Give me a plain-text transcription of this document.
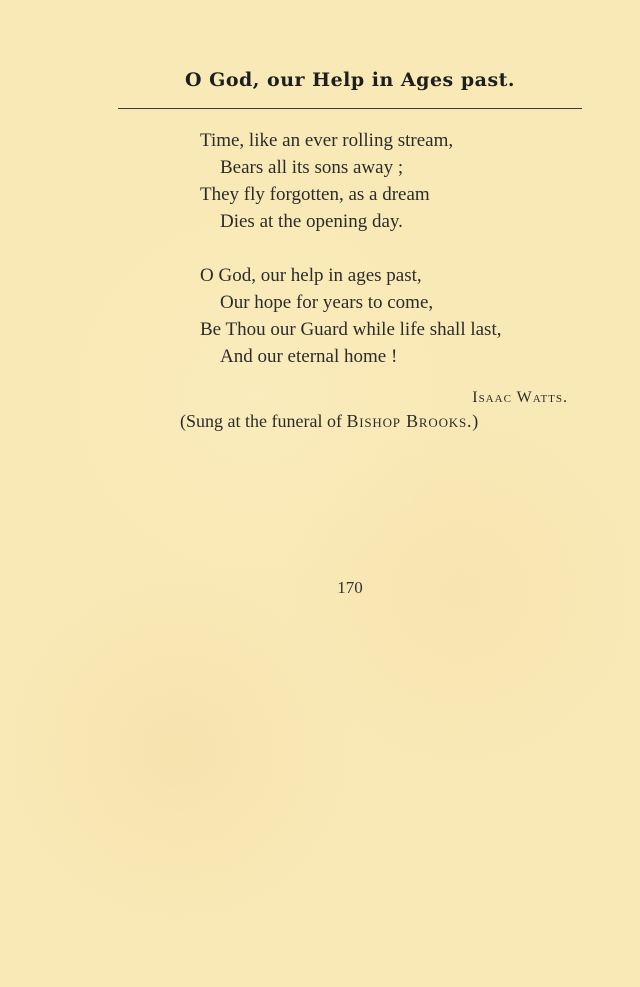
O God, our Help in Ages past.
Time, like an ever rolling stream,
Bears all its sons away ;
They fly forgotten, as a dream
Dies at the opening day.
O God, our help in ages past,
Our hope for years to come,
Be Thou our Guard while life shall last,
And our eternal home !
Isaac Watts.
(Sung at the funeral of Bishop Brooks.)
170
